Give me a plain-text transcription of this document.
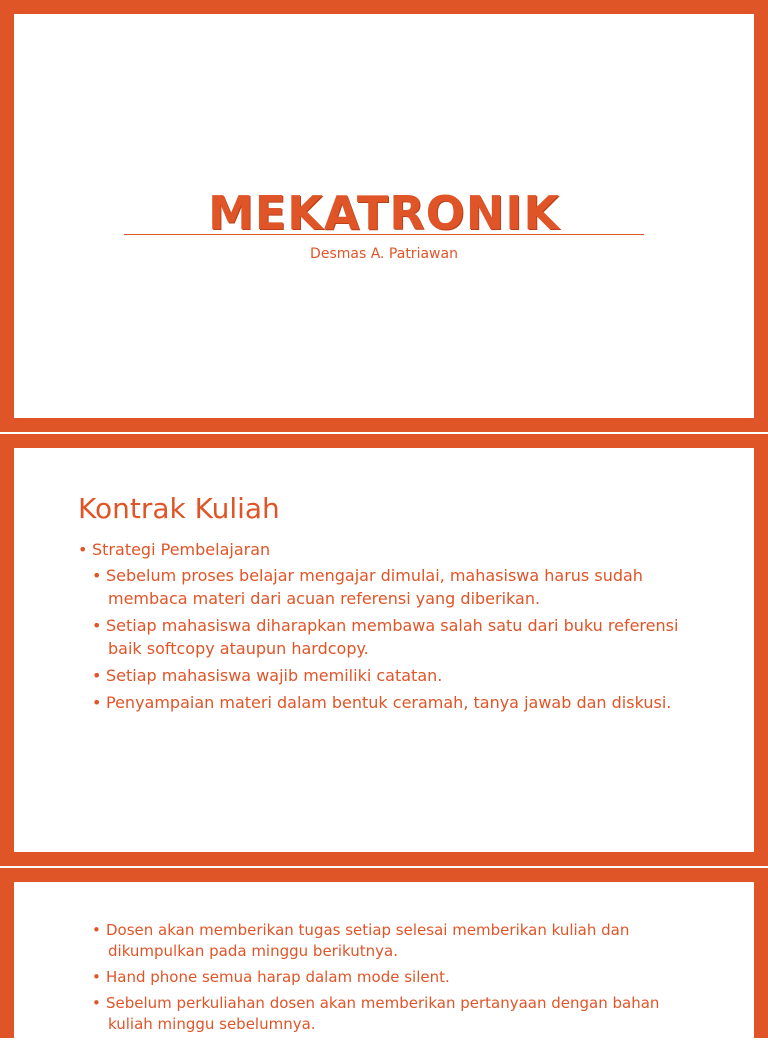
MEKATRONIK

Desmas A. Patriawan

Kontrak Kuliah
• Strategi Pembelajaran
• Sebelum proses belajar mengajar dimulai, mahasiswa harus sudah membaca materi dari acuan referensi yang diberikan.
• Setiap mahasiswa diharapkan membawa salah satu dari buku referensi baik softcopy ataupun hardcopy.
• Setiap mahasiswa wajib memiliki catatan.
• Penyampaian materi dalam bentuk ceramah, tanya jawab dan diskusi.
• Dosen akan memberikan tugas setiap selesai memberikan kuliah dan dikumpulkan pada minggu berikutnya.
• Hand phone semua harap dalam mode silent.
• Sebelum perkuliahan dosen akan memberikan pertanyaan dengan bahan kuliah minggu sebelumnya.
